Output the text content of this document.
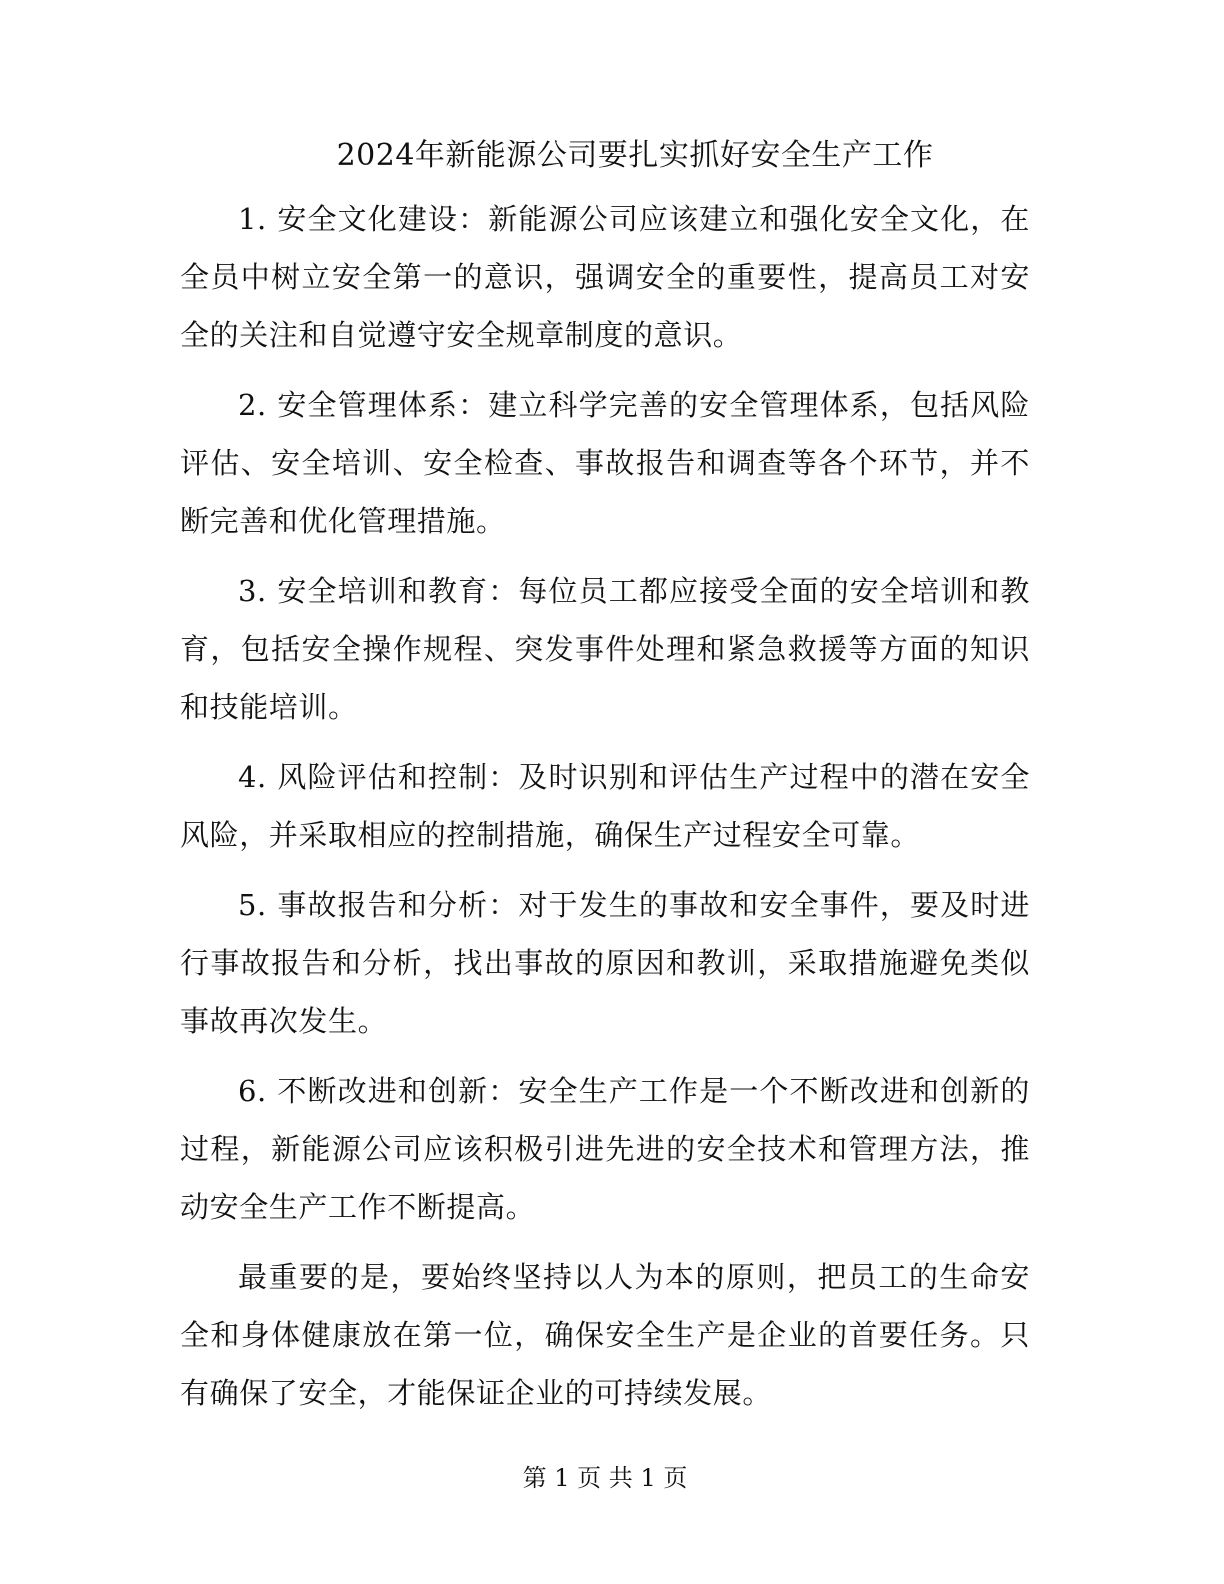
2024年新能源公司要扎实抓好安全生产工作

1. 安全文化建设：新能源公司应该建立和强化安全文化，在全员中树立安全第一的意识，强调安全的重要性，提高员工对安全的关注和自觉遵守安全规章制度的意识。

2. 安全管理体系：建立科学完善的安全管理体系，包括风险评估、安全培训、安全检查、事故报告和调查等各个环节，并不断完善和优化管理措施。

3. 安全培训和教育：每位员工都应接受全面的安全培训和教育，包括安全操作规程、突发事件处理和紧急救援等方面的知识和技能培训。

4. 风险评估和控制：及时识别和评估生产过程中的潜在安全风险，并采取相应的控制措施，确保生产过程安全可靠。

5. 事故报告和分析：对于发生的事故和安全事件，要及时进行事故报告和分析，找出事故的原因和教训，采取措施避免类似事故再次发生。

6. 不断改进和创新：安全生产工作是一个不断改进和创新的过程，新能源公司应该积极引进先进的安全技术和管理方法，推动安全生产工作不断提高。

最重要的是，要始终坚持以人为本的原则，把员工的生命安全和身体健康放在第一位，确保安全生产是企业的首要任务。只有确保了安全，才能保证企业的可持续发展。

第 1 页 共 1 页
